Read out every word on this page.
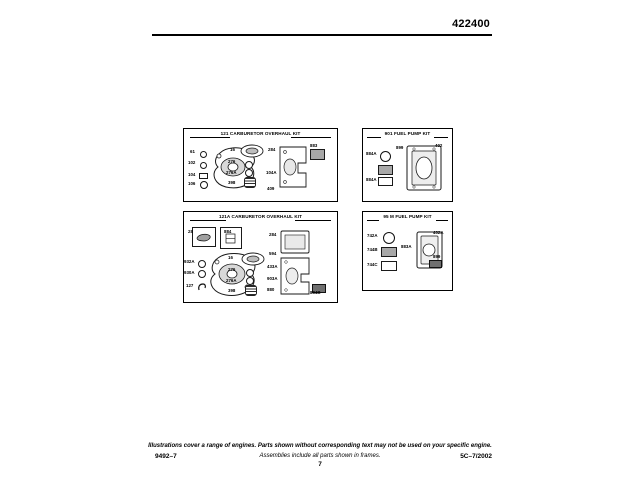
422400
121 CARBURETOR OVERHAUL KIT
61
102
104
106
16
276
276A
398
284
104A
409
883
901 FUEL PUMP KIT
884A
884A
402
899
121A CARBURETOR OVERHAUL KIT
28	884
932A
930A
127
16
276
276A
284
398
594
433A
903A
880
884B
95 M FUEL PUMP KIT
742A
744B
744C
402A
883A
899
Illustrations cover a range of engines. Parts shown without corresponding text may not be used on your specific engine.
9492–7	Assemblies include all parts shown in frames.	5C–7/2002
7
